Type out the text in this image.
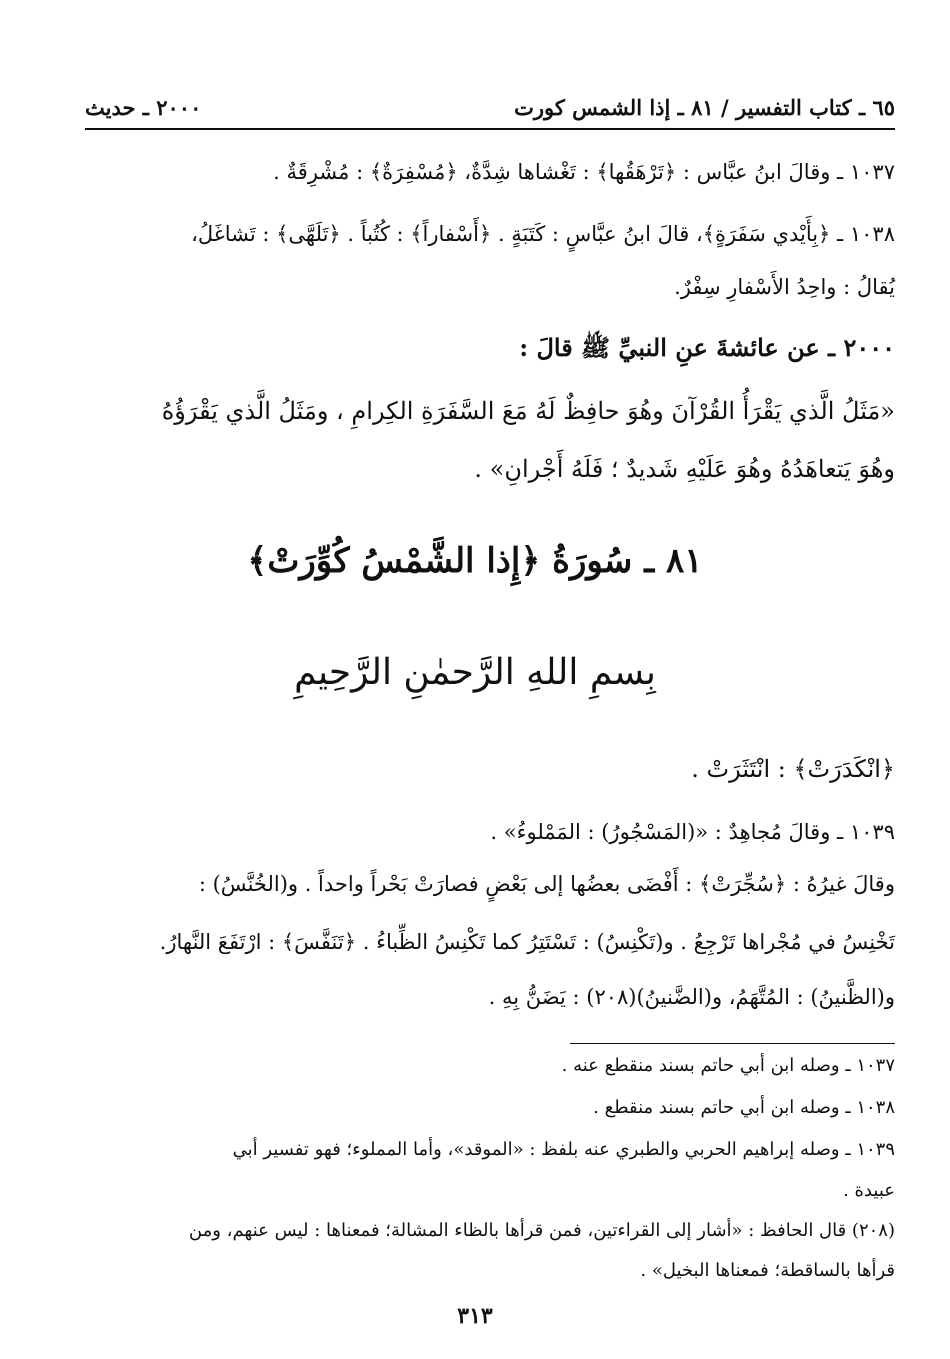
٦٥ ـ كتاب التفسير / ٨١ ـ إذا الشمس كورت
٢٠٠٠ ـ حديث
١٠٣٧ ـ وقالَ ابنُ عبَّاس : ﴿تَرْهَقُها﴾ : تَغْشاها شِدَّةٌ، ﴿مُسْفِرَةٌ﴾ : مُشْرِقَةٌ .
١٠٣٨ ـ ﴿بِأَيْدي سَفَرَةٍ﴾، قالَ ابنُ عبَّاسٍ : كَتَبَةٍ . ﴿أَسْفاراً﴾ : كُتُباً . ﴿تَلَهَّى﴾ : تَشاغَلُ،
يُقالُ : واحِدُ الأَسْفارِ سِفْرٌ.
٢٠٠٠ ـ عن عائشةَ عنِ النبيِّ ﷺ قالَ :
«مَثَلُ الَّذي يَقْرَأُ القُرْآنَ وهُوَ حافِظٌ لَهُ مَعَ السَّفَرَةِ الكِرامِ ، ومَثَلُ الَّذي يَقْرَؤُهُ
وهُوَ يَتعاهَدُهُ وهُوَ عَلَيْهِ شَديدٌ ؛ فَلَهُ أَجْرانِ» .
٨١ ـ سُورَةُ ﴿إِذا الشَّمْسُ كُوِّرَتْ﴾
بِسمِ اللهِ الرَّحمٰنِ الرَّحِيمِ
﴿انْكَدَرَتْ﴾ : انْتَثَرَتْ .
١٠٣٩ ـ وقالَ مُجاهِدٌ : «(المَسْجُورُ) : المَمْلوءُ» .
وقالَ غيرُهُ : ﴿سُجِّرَتْ﴾ : أَفْضَى بعضُها إلى بَعْضٍ فصارَتْ بَحْراً واحداً . و(الخُنَّسُ) :
تَخْنِسُ في مُجْراها تَرْجِعُ . و(تَكْنِسُ) : تَسْتَتِرُ كما تَكْنِسُ الظِّباءُ . ﴿تَنَفَّسَ﴾ : ارْتَفَعَ النَّهارُ.
و(الظَّنينُ) : المُتَّهَمُ، و(الضَّنينُ)(٢٠٨) : يَضَنُّ بِهِ .
١٠٣٧ ـ وصله ابن أبي حاتم بسند منقطع عنه .
١٠٣٨ ـ وصله ابن أبي حاتم بسند منقطع .
١٠٣٩ ـ وصله إبراهيم الحربي والطبري عنه بلفظ : «الموقد»، وأما المملوء؛ فهو تفسير أبي
عبيدة .
(٢٠٨) قال الحافظ : «أشار إلى القراءتين، فمن قرأها بالظاء المشالة؛ فمعناها : ليس عنهم، ومن
قرأها بالساقطة؛ فمعناها البخيل» .
٣١٣
